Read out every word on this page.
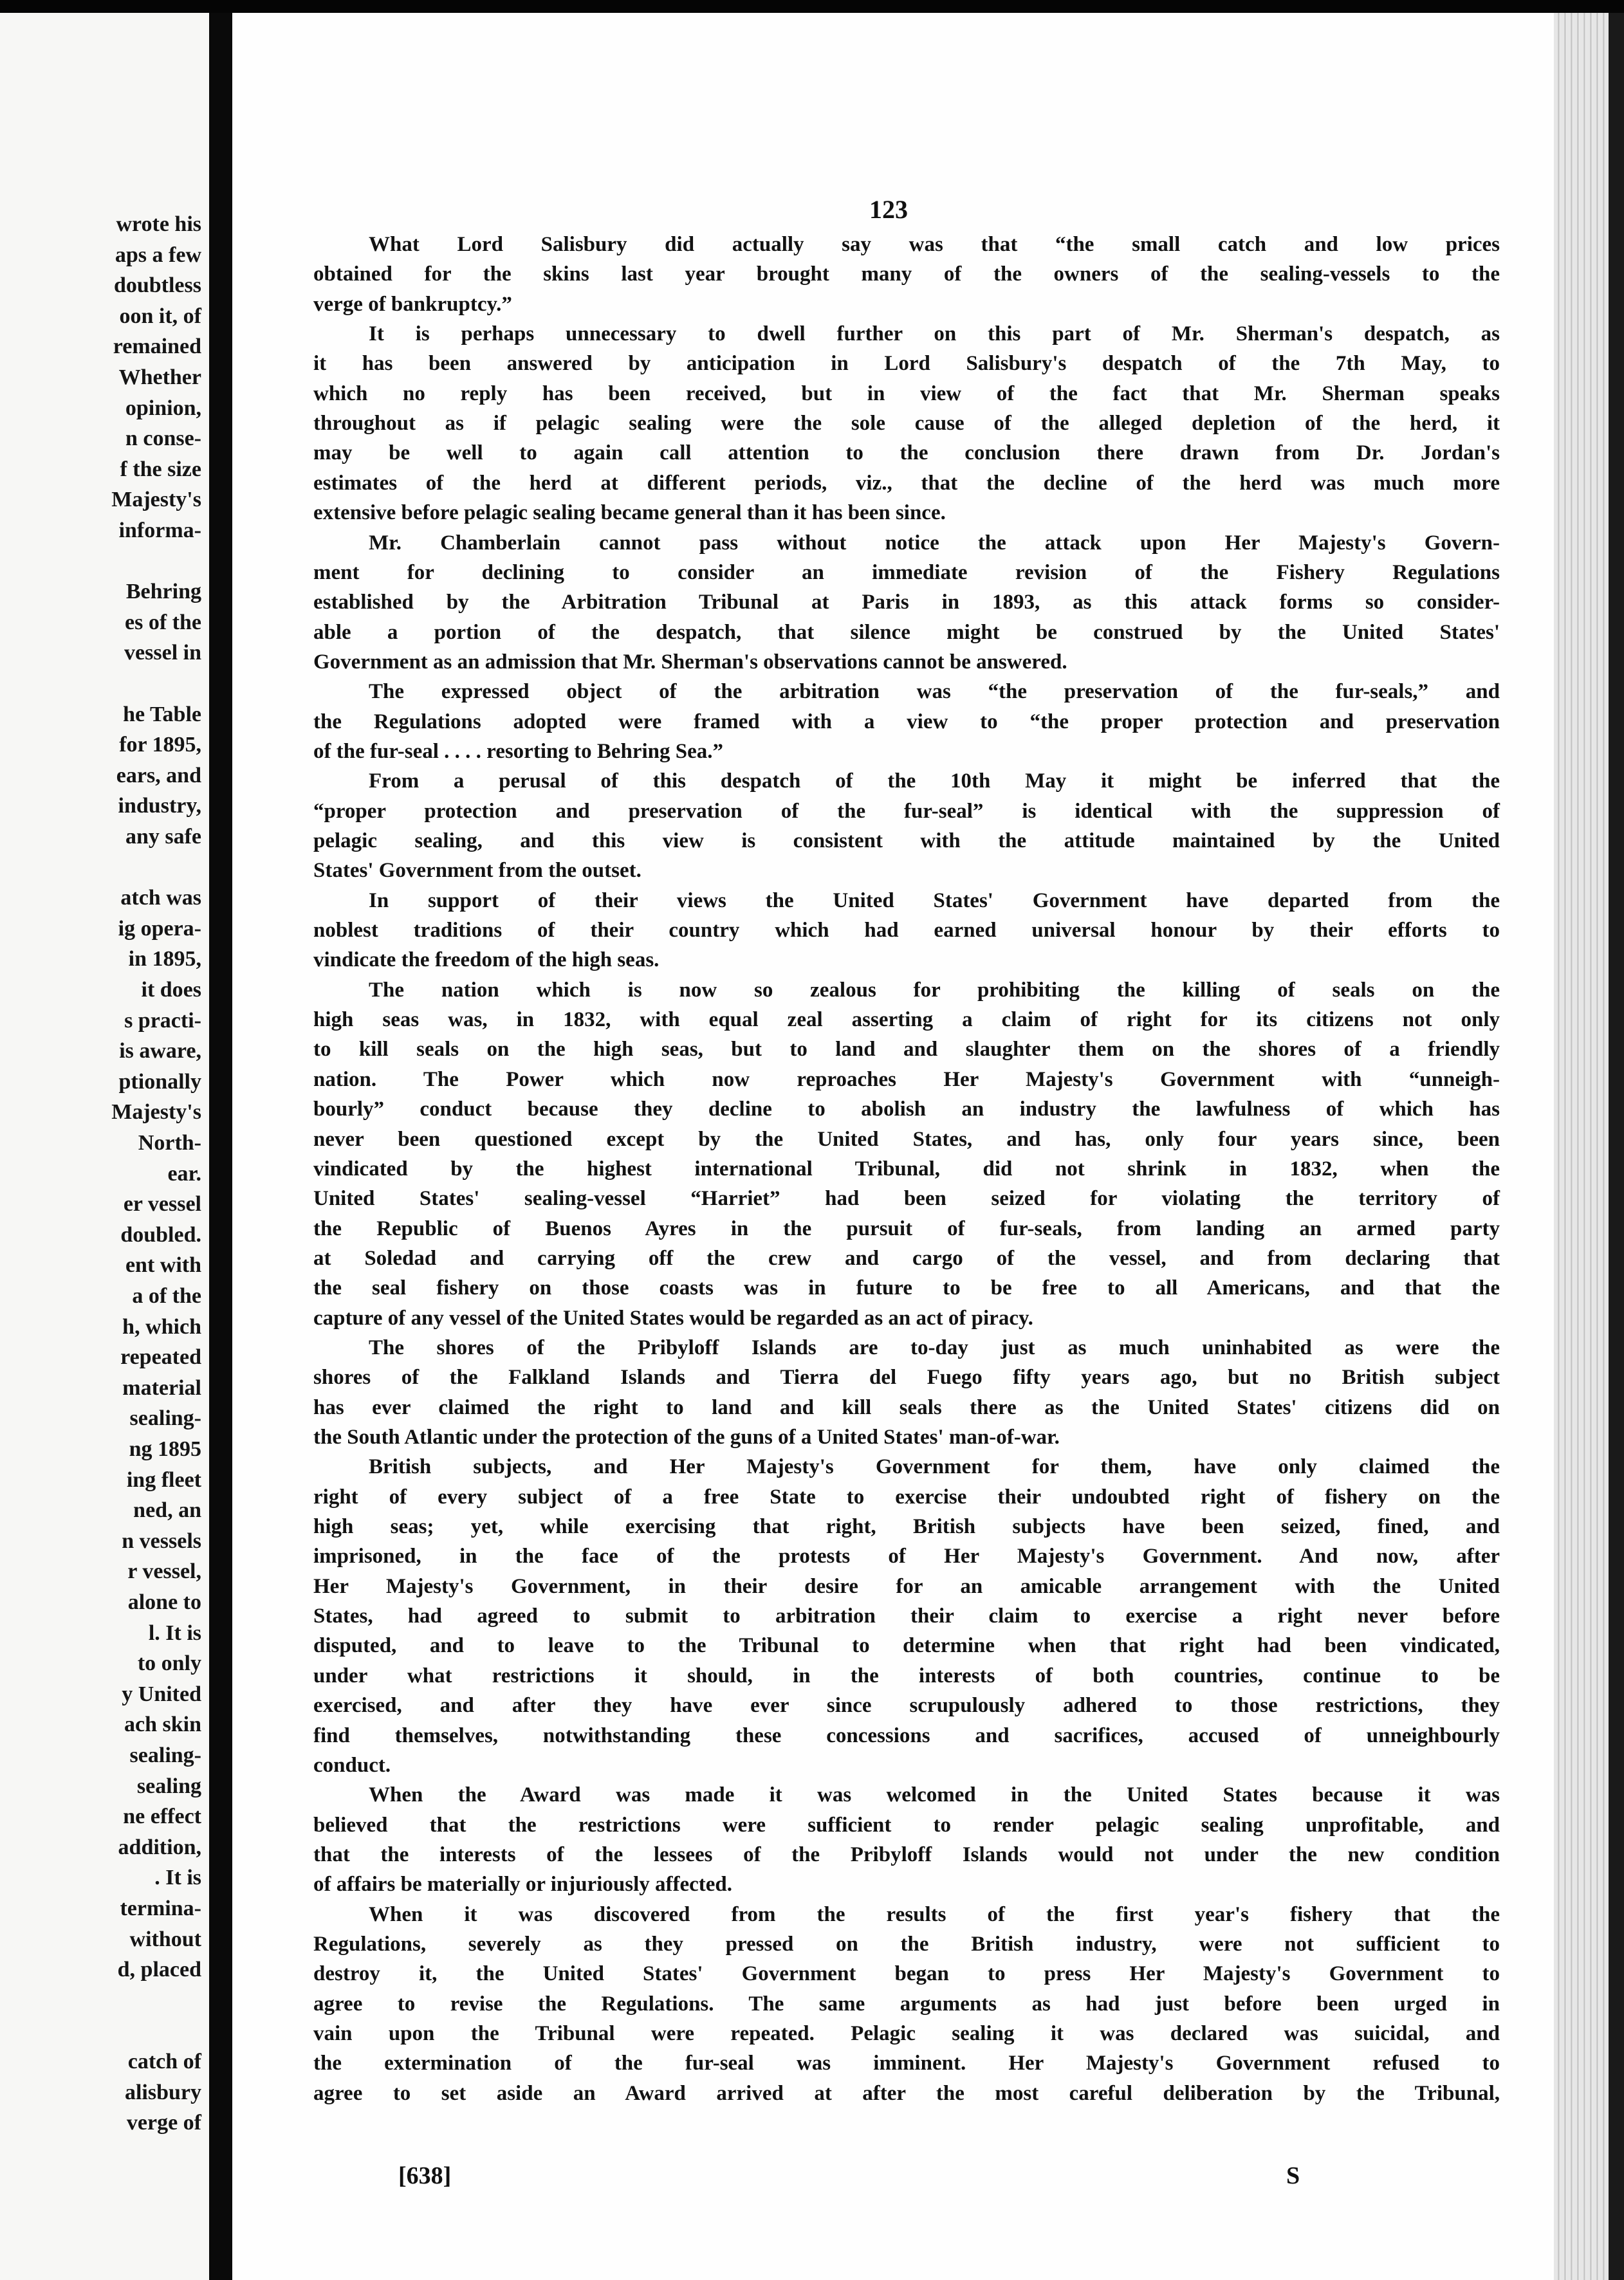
wrote his
aps a few
doubtless
oon it, of
remained
Whether
opinion,
n conse-
f the size
Majesty's
informa-
Behring
es of the
vessel in
he Table
for 1895,
ears, and
industry,
any safe
atch was
ig opera-
in 1895,
it does
s practi-
is aware,
ptionally
Majesty's
North-
ear.
er vessel
doubled.
ent with
a of the
h, which
repeated
material
sealing-
ng 1895
ing fleet
ned, an
n vessels
r vessel,
alone to
l. It is
to only
y United
ach skin
sealing-
sealing
ne effect
addition,
. It is
termina-
without
d, placed
catch of
alisbury
verge of
123
[638]	S
What Lord Salisbury did actually say was that “the small catch and low prices
obtained for the skins last year brought many of the owners of the sealing-vessels to the
verge of bankruptcy.”
It is perhaps unnecessary to dwell further on this part of Mr. Sherman's despatch, as
it has been answered by anticipation in Lord Salisbury's despatch of the 7th May, to
which no reply has been received, but in view of the fact that Mr. Sherman speaks
throughout as if pelagic sealing were the sole cause of the alleged depletion of the herd, it
may be well to again call attention to the conclusion there drawn from Dr. Jordan's
estimates of the herd at different periods, viz., that the decline of the herd was much more
extensive before pelagic sealing became general than it has been since.
Mr. Chamberlain cannot pass without notice the attack upon Her Majesty's Govern-
ment for declining to consider an immediate revision of the Fishery Regulations
established by the Arbitration Tribunal at Paris in 1893, as this attack forms so consider-
able a portion of the despatch, that silence might be construed by the United States'
Government as an admission that Mr. Sherman's observations cannot be answered.
The expressed object of the arbitration was “the preservation of the fur-seals,” and
the Regulations adopted were framed with a view to “the proper protection and preservation
of the fur-seal . . . . resorting to Behring Sea.”
From a perusal of this despatch of the 10th May it might be inferred that the
“proper protection and preservation of the fur-seal” is identical with the suppression of
pelagic sealing, and this view is consistent with the attitude maintained by the United
States' Government from the outset.
In support of their views the United States' Government have departed from the
noblest traditions of their country which had earned universal honour by their efforts to
vindicate the freedom of the high seas.
The nation which is now so zealous for prohibiting the killing of seals on the
high seas was, in 1832, with equal zeal asserting a claim of right for its citizens not only
to kill seals on the high seas, but to land and slaughter them on the shores of a friendly
nation. The Power which now reproaches Her Majesty's Government with “unneigh-
bourly” conduct because they decline to abolish an industry the lawfulness of which has
never been questioned except by the United States, and has, only four years since, been
vindicated by the highest international Tribunal, did not shrink in 1832, when the
United States' sealing-vessel “Harriet” had been seized for violating the territory of
the Republic of Buenos Ayres in the pursuit of fur-seals, from landing an armed party
at Soledad and carrying off the crew and cargo of the vessel, and from declaring that
the seal fishery on those coasts was in future to be free to all Americans, and that the
capture of any vessel of the United States would be regarded as an act of piracy.
The shores of the Pribyloff Islands are to-day just as much uninhabited as were the
shores of the Falkland Islands and Tierra del Fuego fifty years ago, but no British subject
has ever claimed the right to land and kill seals there as the United States' citizens did on
the South Atlantic under the protection of the guns of a United States' man-of-war.
British subjects, and Her Majesty's Government for them, have only claimed the
right of every subject of a free State to exercise their undoubted right of fishery on the
high seas; yet, while exercising that right, British subjects have been seized, fined, and
imprisoned, in the face of the protests of Her Majesty's Government. And now, after
Her Majesty's Government, in their desire for an amicable arrangement with the United
States, had agreed to submit to arbitration their claim to exercise a right never before
disputed, and to leave to the Tribunal to determine when that right had been vindicated,
under what restrictions it should, in the interests of both countries, continue to be
exercised, and after they have ever since scrupulously adhered to those restrictions, they
find themselves, notwithstanding these concessions and sacrifices, accused of unneighbourly
conduct.
When the Award was made it was welcomed in the United States because it was
believed that the restrictions were sufficient to render pelagic sealing unprofitable, and
that the interests of the lessees of the Pribyloff Islands would not under the new condition
of affairs be materially or injuriously affected.
When it was discovered from the results of the first year's fishery that the
Regulations, severely as they pressed on the British industry, were not sufficient to
destroy it, the United States' Government began to press Her Majesty's Government to
agree to revise the Regulations. The same arguments as had just before been urged in
vain upon the Tribunal were repeated. Pelagic sealing it was declared was suicidal, and
the extermination of the fur-seal was imminent. Her Majesty's Government refused to
agree to set aside an Award arrived at after the most careful deliberation by the Tribunal,
